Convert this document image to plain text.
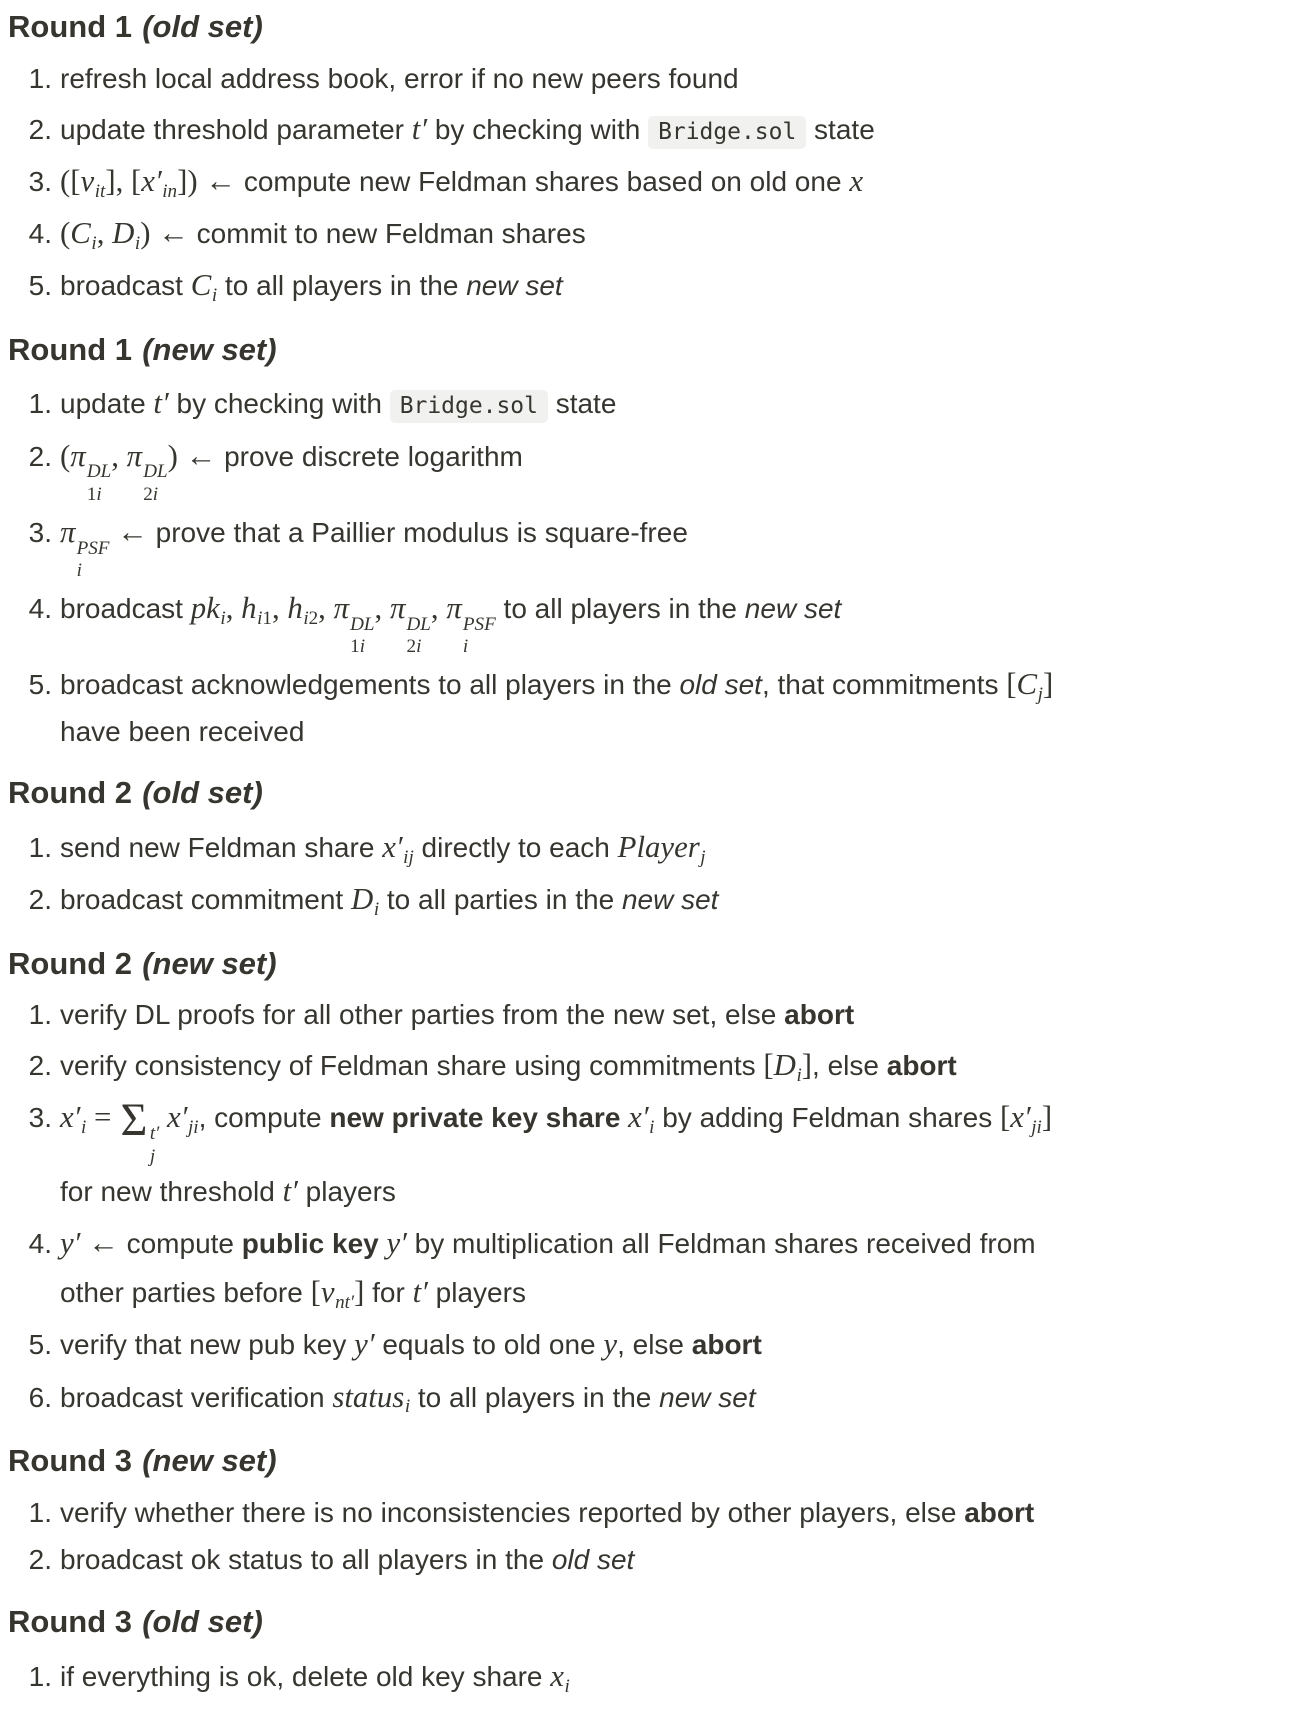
Round 1 (old set)
1. refresh local address book, error if no new peers found
2. update threshold parameter t′ by checking with Bridge.sol state
3. ($[v_{it}]$, $[x'_{in}]$) ← compute new Feldman shares based on old one x
4. ($C_i$, $D_i$) ← commit to new Feldman shares
5. broadcast $C_i$ to all players in the new set
Round 1 (new set)
1. update t′ by checking with Bridge.sol state
2. (π DL
1i
, π DL
2i
) ← prove discrete logarithm
3. π PSF
i
← prove that a Paillier modulus is square-free
4. broadcast $pk_i$, $h_{i1}$, $h_{i2}$, π DL
1i
, π DL
2i
, π PSF
i
to all players in the new set
5. broadcast acknowledgements to all players in the old set, that commitments $[C_j]$
have been received
Round 2 (old set)
1. send new Feldman share $x'_{ij}$ directly to each Player$_j$
2. broadcast commitment $D_i$ to all parties in the new set
Round 2 (new set)
1. verify DL proofs for all other parties from the new set, else abort
2. verify consistency of Feldman share using commitments $[D_i]$, else abort
3. $x'_i = \Sigma$ t′
j
$x'_{ji}$, compute new private key share $x'_i$ by adding Feldman shares $[x'_{ji}]$
for new threshold t′ players
4. y′ ← compute public key y′ by multiplication all Feldman shares received from
other parties before $[v_{nt'}]$ for t′ players
5. verify that new pub key y′ equals to old one y, else abort
6. broadcast verification status$_i$ to all players in the new set
Round 3 (new set)
1. verify whether there is no inconsistencies reported by other players, else abort
2. broadcast ok status to all players in the old set
Round 3 (old set)
1. if everything is ok, delete old key share $x_i$
